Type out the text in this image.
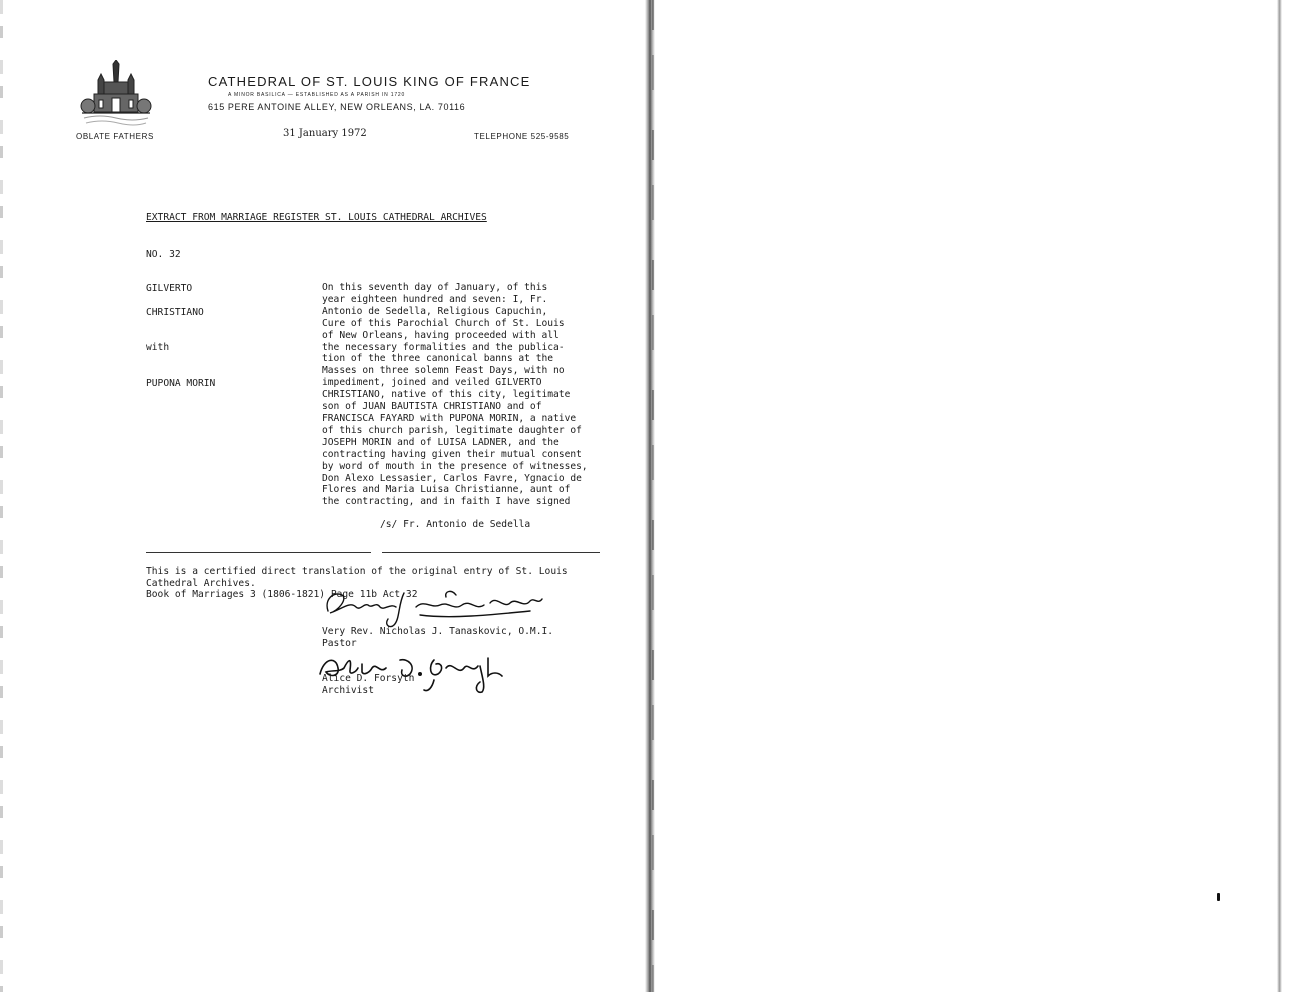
OBLATE FATHERS
CATHEDRAL OF ST. LOUIS KING OF FRANCE
A MINOR BASILICA — ESTABLISHED AS A PARISH IN 1720
615 PERE ANTOINE ALLEY, NEW ORLEANS, LA. 70116
31 January 1972	TELEPHONE 525-9585
EXTRACT FROM MARRIAGE REGISTER ST. LOUIS CATHEDRAL ARCHIVES
NO. 32
GILVERTO
CHRISTIANO
with
PUPONA MORIN
On this seventh day of January, of this
year eighteen hundred and seven: I, Fr.
Antonio de Sedella, Religious Capuchin,
Cure of this Parochial Church of St. Louis
of New Orleans, having proceeded with all
the necessary formalities and the publica-
tion of the three canonical banns at the
Masses on three solemn Feast Days, with no
impediment, joined and veiled GILVERTO
CHRISTIANO, native of this city, legitimate
son of JUAN BAUTISTA CHRISTIANO and of
FRANCISCA FAYARD with PUPONA MORIN, a native
of this church parish, legitimate daughter of
JOSEPH MORIN and of LUISA LADNER, and the
contracting having given their mutual consent
by word of mouth in the presence of witnesses,
Don Alexo Lessasier, Carlos Favre, Ygnacio de
Flores and Maria Luisa Christianne, aunt of
the contracting, and in faith I have signed
/s/ Fr. Antonio de Sedella
This is a certified direct translation of the original entry of St. Louis
Cathedral Archives.
Book of Marriages 3 (1806-1821) Page 11b Act 32
Very Rev. Nicholas J. Tanaskovic, O.M.I.
Pastor
Alice D. Forsyth
Archivist
